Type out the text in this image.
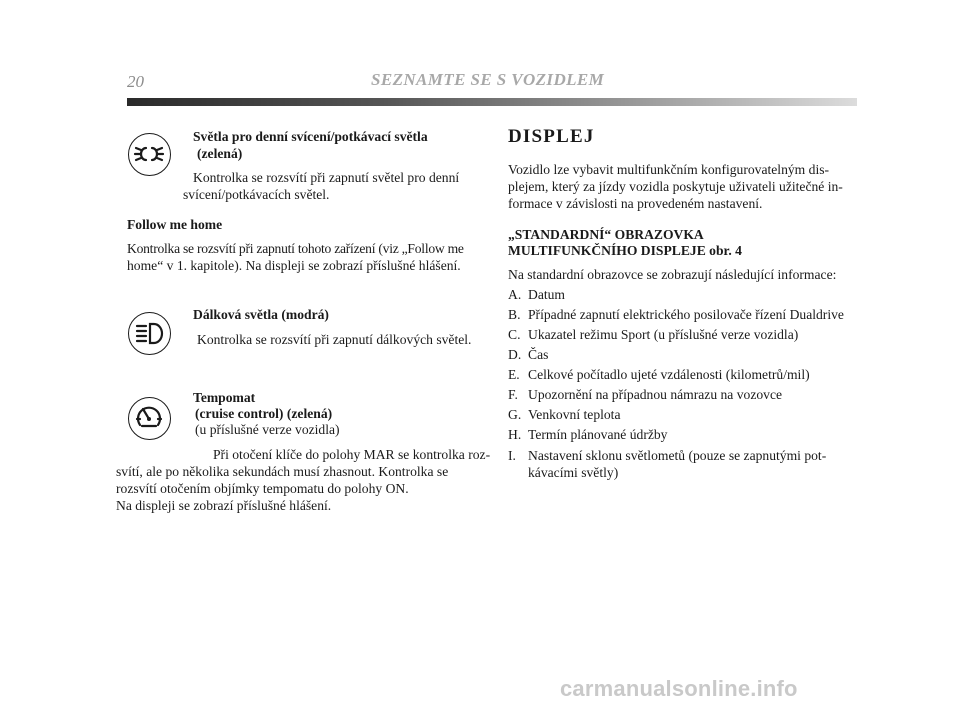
20	SEZNAMTE SE S VOZIDLEM
Světla pro denní svícení/potkávací světla
(zelená)
Kontrolka se rozsvítí při zapnutí světel pro denní
svícení/potkávacích světel.
Follow me home
Kontrolka se rozsvítí při zapnutí tohoto zařízení (viz „Follow me
home“ v 1. kapitole). Na displeji se zobrazí příslušné hlášení.
Dálková světla (modrá)
Kontrolka se rozsvítí při zapnutí dálkových světel.
Tempomat
(cruise control) (zelená)
(u příslušné verze vozidla)
Při otočení klíče do polohy MAR se kontrolka roz-
svítí, ale po několika sekundách musí zhasnout. Kontrolka se
rozsvítí otočením objímky tempomatu do polohy ON.
Na displeji se zobrazí příslušné hlášení.
DISPLEJ
Vozidlo lze vybavit multifunkčním konfigurovatelným dis-
plejem, který za jízdy vozidla poskytuje uživateli užitečné in-
formace v závislosti na provedeném nastavení.
„STANDARDNÍ“ OBRAZOVKA
MULTIFUNKČNÍHO DISPLEJE obr. 4
Na standardní obrazovce se zobrazují následující informace:
A. Datum
B. Případné zapnutí elektrického posilovače řízení Dualdrive
C. Ukazatel režimu Sport (u příslušné verze vozidla)
D. Čas
E. Celkové počítadlo ujeté vzdálenosti (kilometrů/mil)
F. Upozornění na případnou námrazu na vozovce
G. Venkovní teplota
H. Termín plánované údržby
I. Nastavení sklonu světlometů (pouze se zapnutými pot-
kávacími světly)
carmanualsonline.info
